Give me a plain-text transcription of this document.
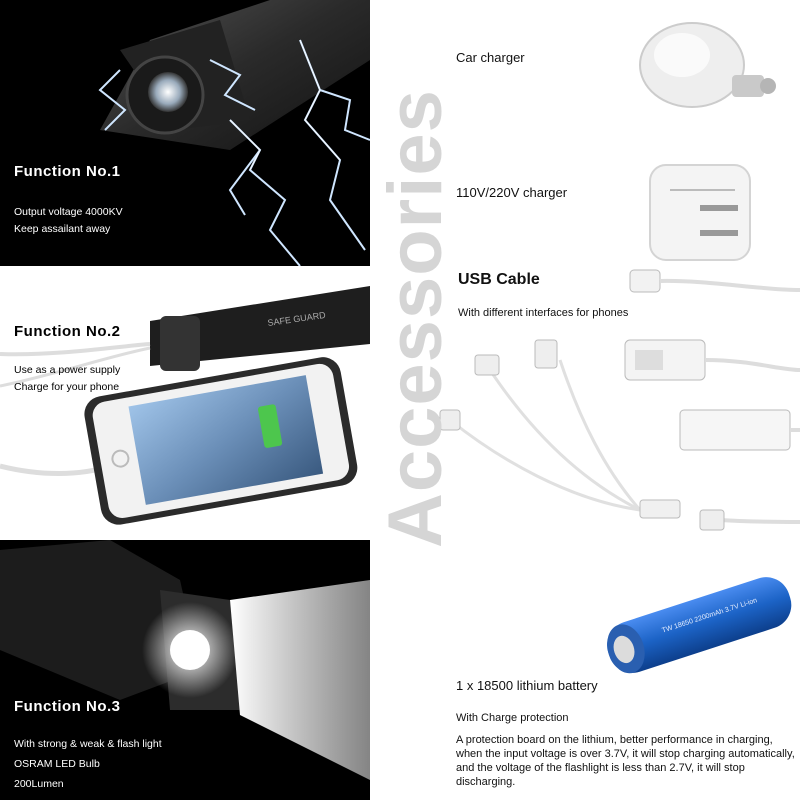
Function No.1
Output voltage 4000KV
Keep assailant away
SAFE GUARD
Function No.2
Use as a power supply
Charge for your phone
Function No.3
With strong & weak & flash light
OSRAM LED Bulb
200Lumen
Car charger
110V/220V charger
USB Cable
With different interfaces for phones
TW 18650 2200mAh 3.7V Li-ion
1 x 18500 lithium battery
With Charge protection
A protection board on the lithium, better performance in charging, when the input voltage is over 3.7V, it will stop charging automatically, and the voltage of the flashlight is less than 2.7V, it will stop discharging.
Accessories
